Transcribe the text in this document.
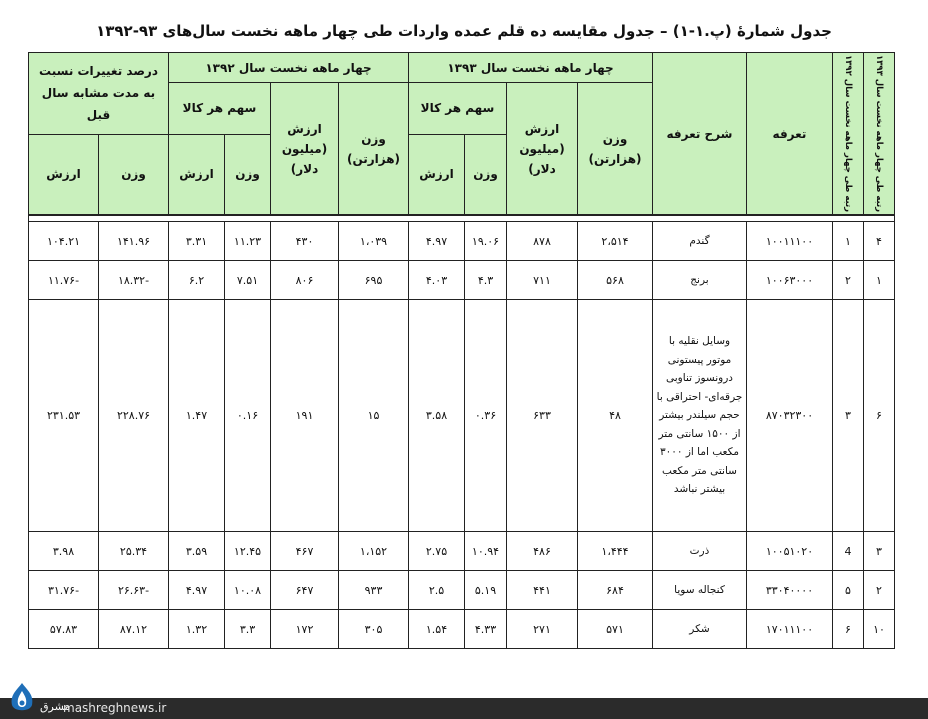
جدول شمارۀ (پ.۱-۱) – جدول مقایسه ده قلم عمده واردات طی چهار ماهه نخست سال‌های ۹۳-۱۳۹۲
رتبه طی چهار ماهه نخست سال ۱۳۹۳	رتبه طی چهار ماهه نخست سال ۱۳۹۲	تعرفه	شرح تعرفه	چهار ماهه نخست سال ۱۳۹۳				چهار ماهه نخست سال ۱۳۹۲				درصد تغییرات نسبت به مدت مشابه سال قبل	
				وزن (هزارتن)	ارزش (میلیون دلار)	سهم هر کالا		وزن (هزارتن)	ارزش (میلیون دلار)	سهم هر کالا			
						وزن	ارزش			وزن	ارزش	وزن	ارزش

۴	۱	۱۰۰۱۱۱۰۰	گندم	۲،۵۱۴	۸۷۸	۱۹.۰۶	۴.۹۷	۱،۰۳۹	۴۳۰	۱۱.۲۳	۳.۳۱	۱۴۱.۹۶	۱۰۴.۲۱
۱	۲	۱۰۰۶۳۰۰۰	برنج	۵۶۸	۷۱۱	۴.۳	۴.۰۳	۶۹۵	۸۰۶	۷.۵۱	۶.۲	-۱۸.۳۲	-۱۱.۷۶
۶	۳	۸۷۰۳۲۳۰۰	وسایل نقلیه با موتور پیستونی درونسوز تناوبی جرقه‌ای- احتراقی با حجم سیلندر بیشتر از ۱۵۰۰ سانتی متر مکعب اما از ۳۰۰۰ سانتی متر مکعب بیشتر نباشد	۴۸	۶۳۳	۰.۳۶	۳.۵۸	۱۵	۱۹۱	۰.۱۶	۱.۴۷	۲۲۸.۷۶	۲۳۱.۵۳
۳	4	۱۰۰۵۱۰۲۰	ذرت	۱،۴۴۴	۴۸۶	۱۰.۹۴	۲.۷۵	۱،۱۵۲	۴۶۷	۱۲.۴۵	۳.۵۹	۲۵.۳۴	۳.۹۸
۲	۵	۳۳۰۴۰۰۰۰	کنجاله سویا	۶۸۴	۴۴۱	۵.۱۹	۲.۵	۹۳۳	۶۴۷	۱۰.۰۸	۴.۹۷	-۲۶.۶۳	-۳۱.۷۶
۱۰	۶	۱۷۰۱۱۱۰۰	شکر	۵۷۱	۲۷۱	۴.۳۳	۱.۵۴	۳۰۵	۱۷۲	۳.۳	۱.۳۲	۸۷.۱۲	۵۷.۸۳
مشرق
mashreghnews.ir
